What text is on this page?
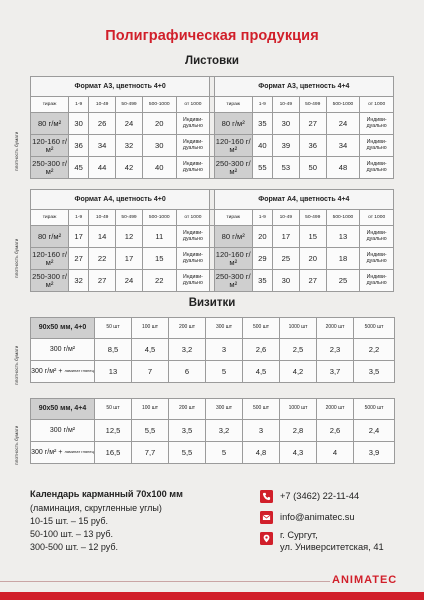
Полиграфическая продукция
Листовки
плотность бумаги
Формат А3, цветность 4+0							Формат А3, цветность 4+4					
тираж	1-9	10-49	50-499	500-1000	от 1000		тираж	1-9	10-49	50-499	500-1000	от 1000
80 г/м²	30	26	24	20	Индиви-дуально		80 г/м²	35	30	27	24	Индиви-дуально
120-160 г/м²	36	34	32	30	Индиви-дуально		120-160 г/м²	40	39	36	34	Индиви-дуально
250-300 г/м²	45	44	42	40	Индиви-дуально		250-300 г/м²	55	53	50	48	Индиви-дуально
плотность бумаги
Формат А4, цветность 4+0							Формат А4, цветность 4+4					
тираж	1-9	10-49	50-499	500-1000	от 1000		тираж	1-9	10-49	50-499	500-1000	от 1000
80 г/м²	17	14	12	11	Индиви-дуально		80 г/м²	20	17	15	13	Индиви-дуально
120-160 г/м²	27	22	17	15	Индиви-дуально		120-160 г/м²	29	25	20	18	Индиви-дуально
250-300 г/м²	32	27	24	22	Индиви-дуально		250-300 г/м²	35	30	27	25	Индиви-дуально
Визитки
плотность бумаги
90x50 мм, 4+0	50 шт	100 шт	200 шт	300 шт	500 шт	1000 шт	2000 шт	5000 шт
300 г/м²	8,5	4,5	3,2	3	2,6	2,5	2,3	2,2
300 г/м² + ламинат глянец	13	7	6	5	4,5	4,2	3,7	3,5
плотность бумаги
90x50 мм, 4+4	50 шт	100 шт	200 шт	300 шт	500 шт	1000 шт	2000 шт	5000 шт
300 г/м²	12,5	5,5	3,5	3,2	3	2,8	2,6	2,4
300 г/м² + ламинат глянец	16,5	7,7	5,5	5	4,8	4,3	4	3,9
Календарь карманный 70х100 мм
(ламинация, скругленные углы)
10-15 шт. – 15 руб.
50-100 шт. – 13 руб.
300-500 шт. – 12 руб.
+7 (3462) 22-11-44
info@animatec.su
г. Сургут,
ул. Университетская, 41
ANIMATEC
